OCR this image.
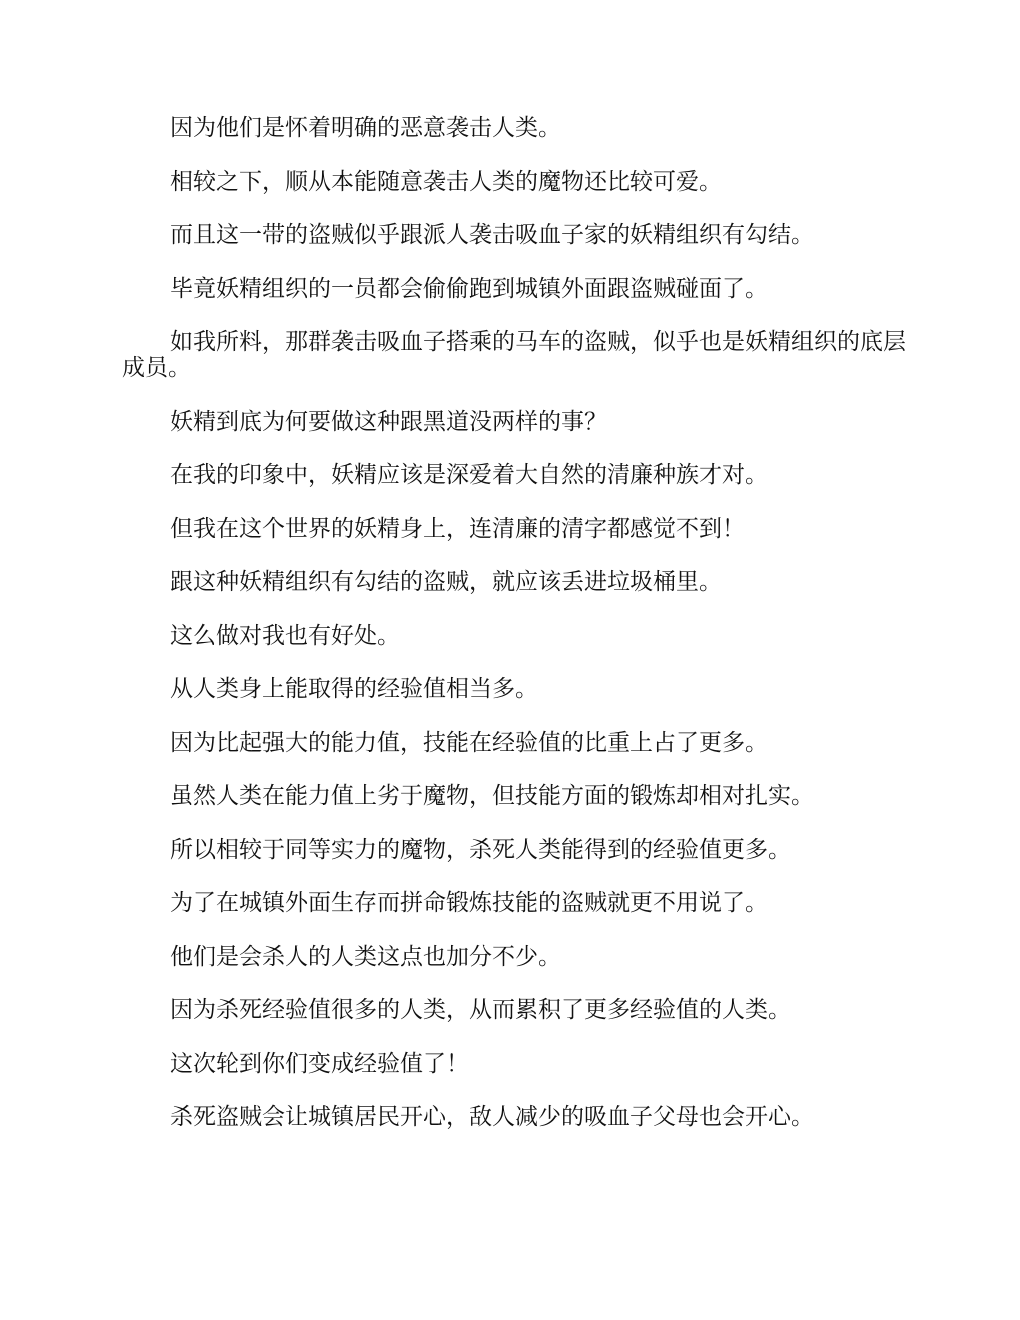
因为他们是怀着明确的恶意袭击人类。

相较之下，顺从本能随意袭击人类的魔物还比较可爱。

而且这一带的盗贼似乎跟派人袭击吸血子家的妖精组织有勾结。

毕竟妖精组织的一员都会偷偷跑到城镇外面跟盗贼碰面了。

如我所料，那群袭击吸血子搭乘的马车的盗贼，似乎也是妖精组织的底层成员。

妖精到底为何要做这种跟黑道没两样的事？

在我的印象中，妖精应该是深爱着大自然的清廉种族才对。

但我在这个世界的妖精身上，连清廉的清字都感觉不到！

跟这种妖精组织有勾结的盗贼，就应该丢进垃圾桶里。

这么做对我也有好处。

从人类身上能取得的经验值相当多。

因为比起强大的能力值，技能在经验值的比重上占了更多。

虽然人类在能力值上劣于魔物，但技能方面的锻炼却相对扎实。

所以相较于同等实力的魔物，杀死人类能得到的经验值更多。

为了在城镇外面生存而拼命锻炼技能的盗贼就更不用说了。

他们是会杀人的人类这点也加分不少。

因为杀死经验值很多的人类，从而累积了更多经验值的人类。

这次轮到你们变成经验值了！

杀死盗贼会让城镇居民开心，敌人减少的吸血子父母也会开心。
